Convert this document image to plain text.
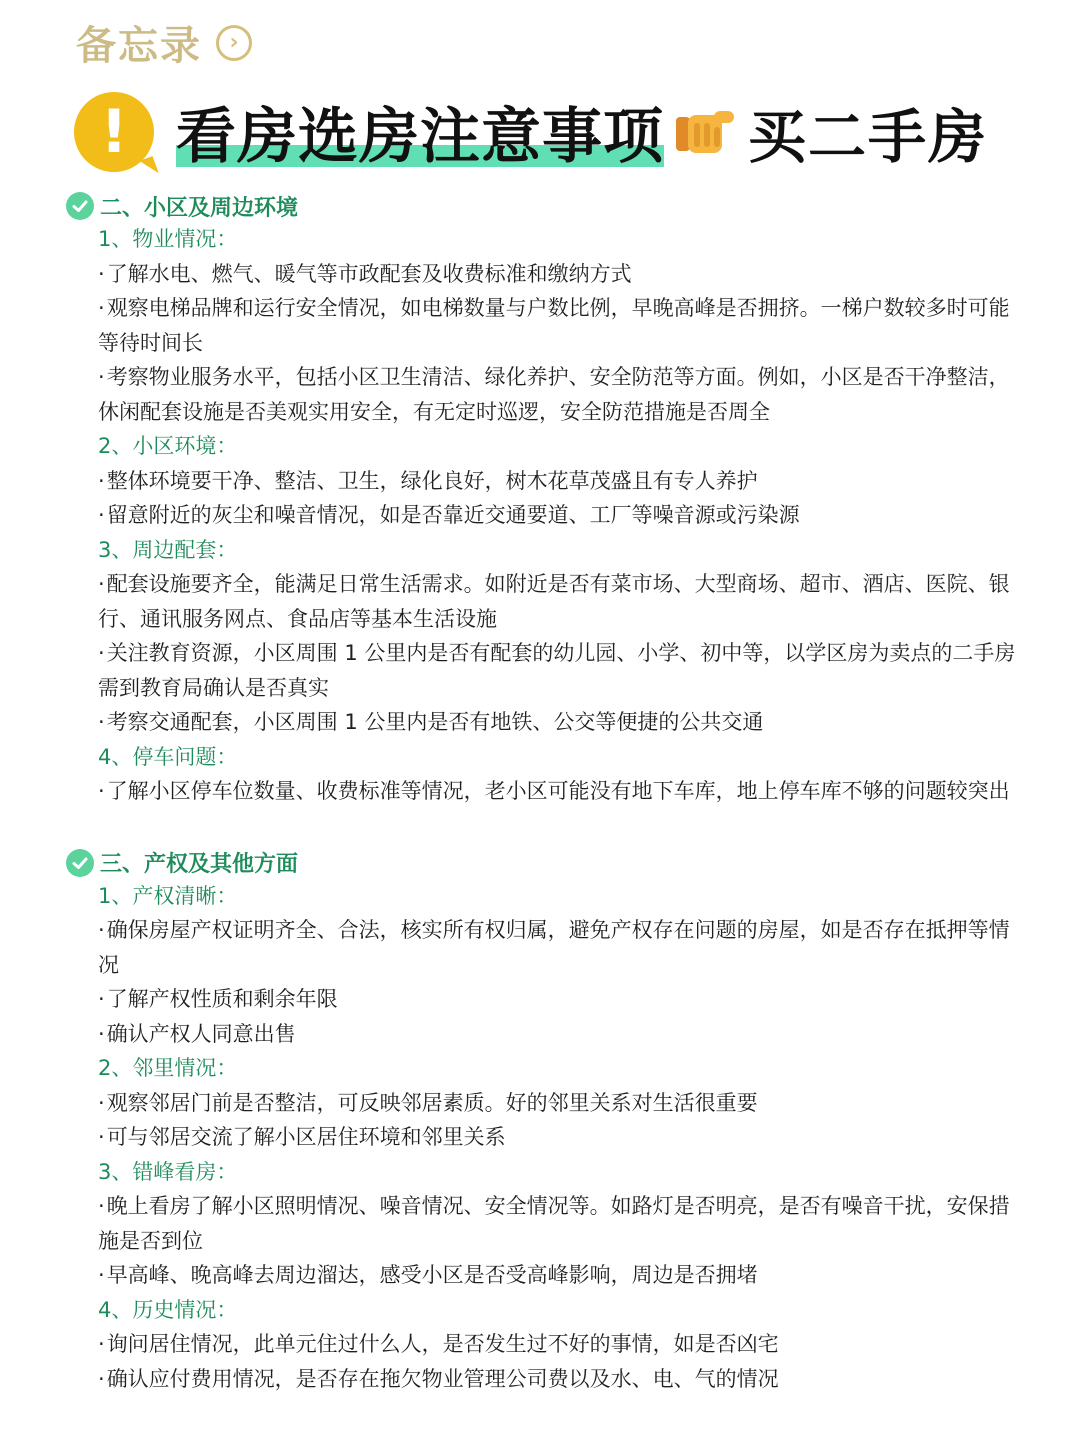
备忘录	›
! 看房选房注意事项 买二手房
二、小区及周边环境
1、物业情况：
· 了解水电、燃气、暖气等市政配套及收费标准和缴纳方式
· 观察电梯品牌和运行安全情况，如电梯数量与户数比例，早晚高峰是否拥挤。一梯户数较多时可能等待时间长
· 考察物业服务水平，包括小区卫生清洁、绿化养护、安全防范等方面。例如，小区是否干净整洁，休闲配套设施是否美观实用安全，有无定时巡逻，安全防范措施是否周全
2、小区环境：
· 整体环境要干净、整洁、卫生，绿化良好，树木花草茂盛且有专人养护
· 留意附近的灰尘和噪音情况，如是否靠近交通要道、工厂等噪音源或污染源
3、周边配套：
· 配套设施要齐全，能满足日常生活需求。如附近是否有菜市场、大型商场、超市、酒店、医院、银行、通讯服务网点、食品店等基本生活设施
· 关注教育资源，小区周围 1 公里内是否有配套的幼儿园、小学、初中等，以学区房为卖点的二手房需到教育局确认是否真实
· 考察交通配套，小区周围 1 公里内是否有地铁、公交等便捷的公共交通
4、停车问题：
· 了解小区停车位数量、收费标准等情况，老小区可能没有地下车库，地上停车库不够的问题较突出
三、产权及其他方面
1、产权清晰：
· 确保房屋产权证明齐全、合法，核实所有权归属，避免产权存在问题的房屋，如是否存在抵押等情况
· 了解产权性质和剩余年限
· 确认产权人同意出售
2、邻里情况：
· 观察邻居门前是否整洁，可反映邻居素质。好的邻里关系对生活很重要
· 可与邻居交流了解小区居住环境和邻里关系
3、错峰看房：
· 晚上看房了解小区照明情况、噪音情况、安全情况等。如路灯是否明亮，是否有噪音干扰，安保措施是否到位
· 早高峰、晚高峰去周边溜达，感受小区是否受高峰影响，周边是否拥堵
4、历史情况：
· 询问居住情况，此单元住过什么人，是否发生过不好的事情，如是否凶宅
· 确认应付费用情况，是否存在拖欠物业管理公司费以及水、电、气的情况
